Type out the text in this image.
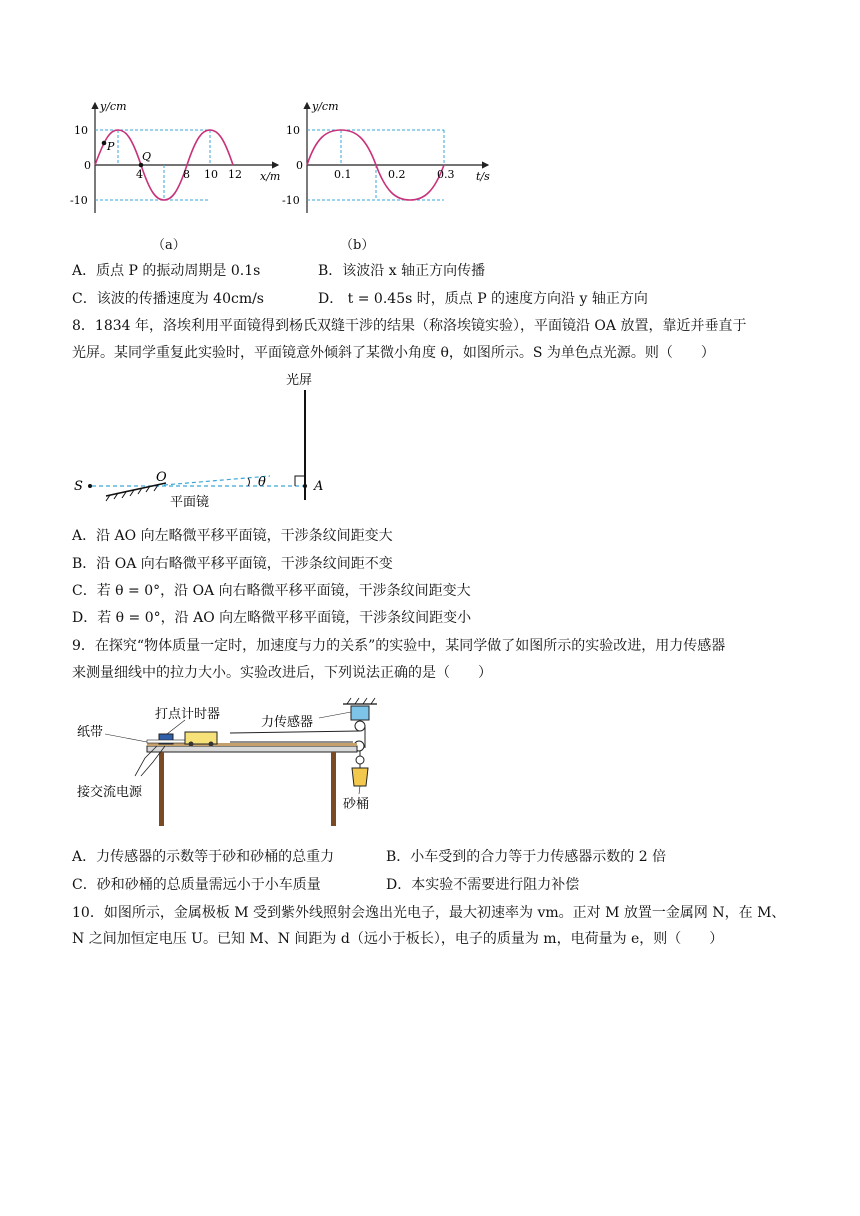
P
Q
y/cm
x/m
10
0
-10
4	8 10 12
（a）
y/cm
t/s
10
0
-10
0.1	0.2	0.3
（b）
A．质点 P 的振动周期是 0.1s	B．该波沿 x 轴正方向传播
C．该波的传播速度为 40cm/s	D． t = 0.45s 时，质点 P 的速度方向沿 y 轴正方向
8．1834 年，洛埃利用平面镜得到杨氏双缝干涉的结果（称洛埃镜实验），平面镜沿 OA 放置，靠近并垂直于
光屏。某同学重复此实验时，平面镜意外倾斜了某微小角度 θ，如图所示。S 为单色点光源。则（　　）
光屏
S
O
平面镜
θ	A
A．沿 AO 向左略微平移平面镜，干涉条纹间距变大
B．沿 OA 向右略微平移平面镜，干涉条纹间距不变
C．若 θ = 0°，沿 OA 向右略微平移平面镜，干涉条纹间距变大
D．若 θ = 0°，沿 AO 向左略微平移平面镜，干涉条纹间距变小
9．在探究“物体质量一定时，加速度与力的关系”的实验中，某同学做了如图所示的实验改进，用力传感器
来测量细线中的拉力大小。实验改进后，下列说法正确的是（　　）
打点计时器
力传感器
纸带
接交流电源
砂桶
A．力传感器的示数等于砂和砂桶的总重力	B．小车受到的合力等于力传感器示数的 2 倍
C．砂和砂桶的总质量需远小于小车质量	D．本实验不需要进行阻力补偿
10．如图所示，金属极板 M 受到紫外线照射会逸出光电子，最大初速率为 vm。正对 M 放置一金属网 N，在 M、
N 之间加恒定电压 U。已知 M、N 间距为 d（远小于板长），电子的质量为 m，电荷量为 e，则（　　）
